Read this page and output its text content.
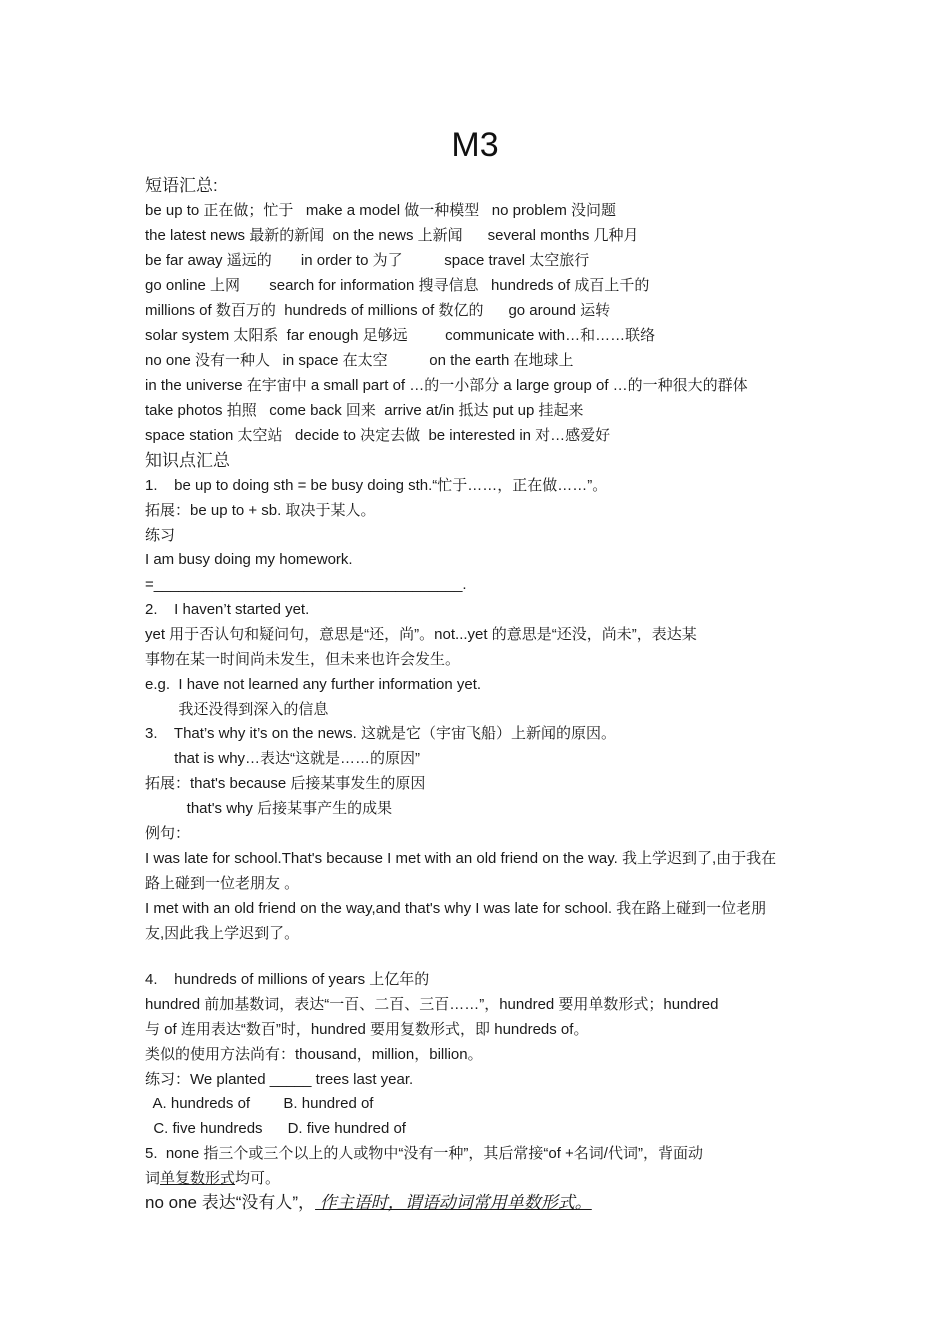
M3
短语汇总:
be up to 正在做；忙于   make a model 做一种模型   no problem 没问题
the latest news 最新的新闻  on the news 上新闻      several months 几种月
be far away 遥远的       in order to 为了          space travel 太空旅行
go online 上网       search for information 搜寻信息   hundreds of 成百上千的
millions of 数百万的  hundreds of millions of 数亿的      go around 运转
solar system 太阳系  far enough 足够远         communicate with…和……联络
no one 没有一种人   in space 在太空          on the earth 在地球上
in the universe 在宇宙中 a small part of …的一小部分 a large group of …的一种很大的群体
take photos 拍照   come back 回来  arrive at/in 抵达 put up 挂起来
space station 太空站   decide to 决定去做  be interested in 对…感爱好
知识点汇总
1.    be up to doing sth = be busy doing sth.“忙于……，正在做……”。
拓展：be up to + sb. 取决于某人。
练习
I am busy doing my homework.
=_____________________________________.
2.    I haven’t started yet.
yet 用于否认句和疑问句，意思是“还，尚”。not...yet 的意思是“还没，尚未”，表达某
事物在某一时间尚未发生，但未来也许会发生。
e.g.  I have not learned any further information yet.
我还没得到深入的信息
3.    That’s why it’s on the news. 这就是它（宇宙飞船）上新闻的原因。
that is why…表达“这就是……的原因”
拓展：that's because 后接某事发生的原因
that's why 后接某事产生的成果
例句：
I was late for school.That's because I met with an old friend on the way. 我上学迟到了,由于我在
路上碰到一位老朋友 。
I met with an old friend on the way,and that's why I was late for school. 我在路上碰到一位老朋
友,因此我上学迟到了。
4.    hundreds of millions of years 上亿年的
hundred 前加基数词，表达“一百、二百、三百……”，hundred 要用单数形式；hundred
与 of 连用表达“数百”时，hundred 要用复数形式，即 hundreds of。
类似的使用方法尚有：thousand，million，billion。
练习：We planted _____ trees last year.
A. hundreds of        B. hundred of
C. five hundreds      D. five hundred of
5.  none 指三个或三个以上的人或物中“没有一种”，其后常接“of +名词/代词”，背面动
词单复数形式均可。
no one 表达“没有人”， 作主语时，谓语动词常用单数形式。
